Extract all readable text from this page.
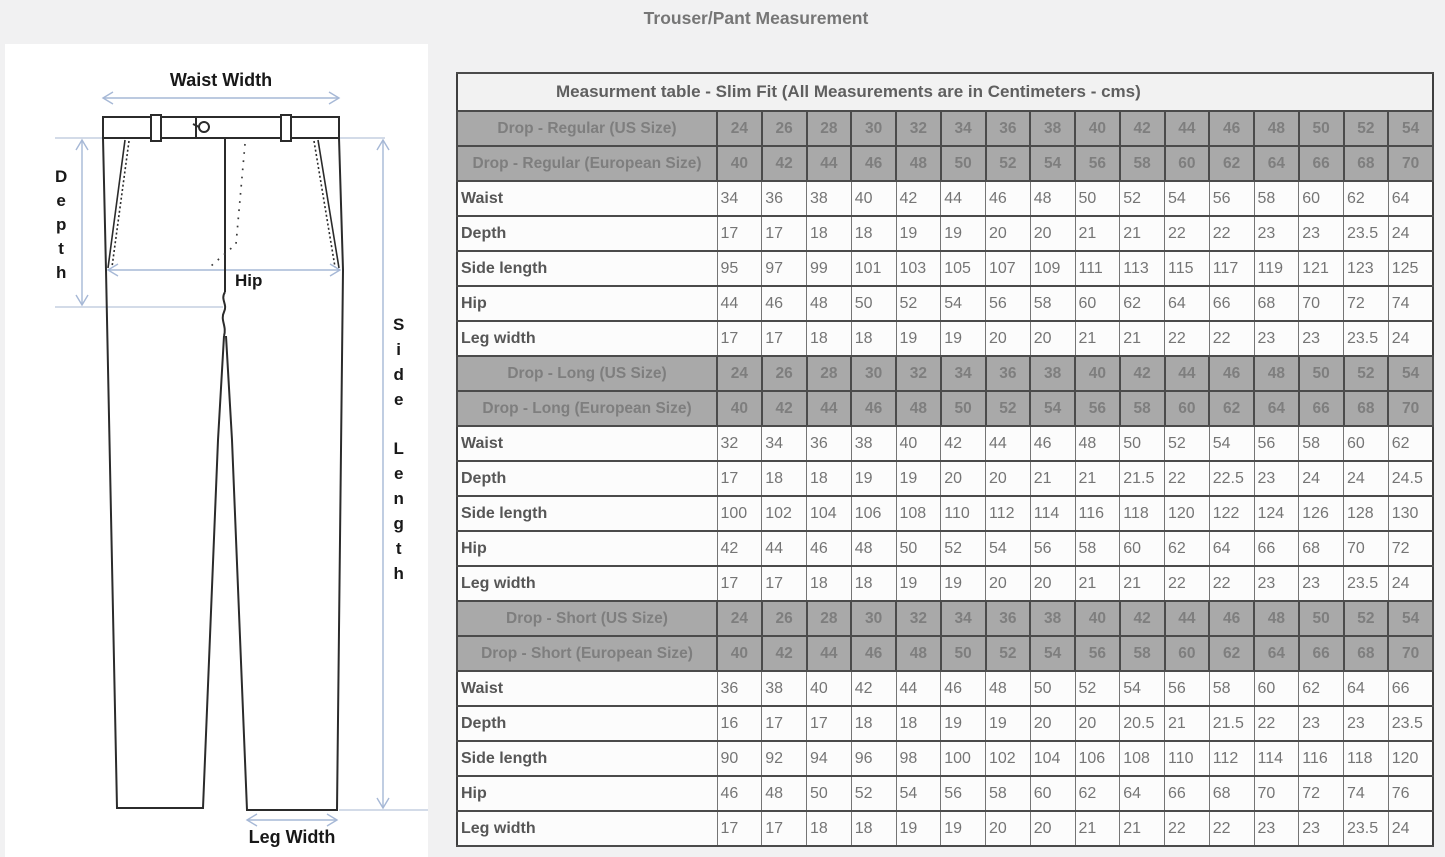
Trouser/Pant Measurement
Waist Width
D
e
p
t
h	Hip
S
i
d
e
L
e
n
g
t
h
Leg Width
Measurment table - Slim Fit (All Measurements are in Centimeters - cms)																
Drop - Regular (US Size)	24	26	28	30	32	34	36	38	40	42	44	46	48	50	52	54
Drop - Regular (European Size)	40	42	44	46	48	50	52	54	56	58	60	62	64	66	68	70
Waist	34	36	38	40	42	44	46	48	50	52	54	56	58	60	62	64
Depth	17	17	18	18	19	19	20	20	21	21	22	22	23	23	23.5	24
Side length	95	97	99	101	103	105	107	109	111	113	115	117	119	121	123	125
Hip	44	46	48	50	52	54	56	58	60	62	64	66	68	70	72	74
Leg width	17	17	18	18	19	19	20	20	21	21	22	22	23	23	23.5	24
Drop - Long (US Size)	24	26	28	30	32	34	36	38	40	42	44	46	48	50	52	54
Drop - Long (European Size)	40	42	44	46	48	50	52	54	56	58	60	62	64	66	68	70
Waist	32	34	36	38	40	42	44	46	48	50	52	54	56	58	60	62
Depth	17	18	18	19	19	20	20	21	21	21.5	22	22.5	23	24	24	24.5
Side length	100	102	104	106	108	110	112	114	116	118	120	122	124	126	128	130
Hip	42	44	46	48	50	52	54	56	58	60	62	64	66	68	70	72
Leg width	17	17	18	18	19	19	20	20	21	21	22	22	23	23	23.5	24
Drop - Short (US Size)	24	26	28	30	32	34	36	38	40	42	44	46	48	50	52	54
Drop - Short (European Size)	40	42	44	46	48	50	52	54	56	58	60	62	64	66	68	70
Waist	36	38	40	42	44	46	48	50	52	54	56	58	60	62	64	66
Depth	16	17	17	18	18	19	19	20	20	20.5	21	21.5	22	23	23	23.5
Side length	90	92	94	96	98	100	102	104	106	108	110	112	114	116	118	120
Hip	46	48	50	52	54	56	58	60	62	64	66	68	70	72	74	76
Leg width	17	17	18	18	19	19	20	20	21	21	22	22	23	23	23.5	24
